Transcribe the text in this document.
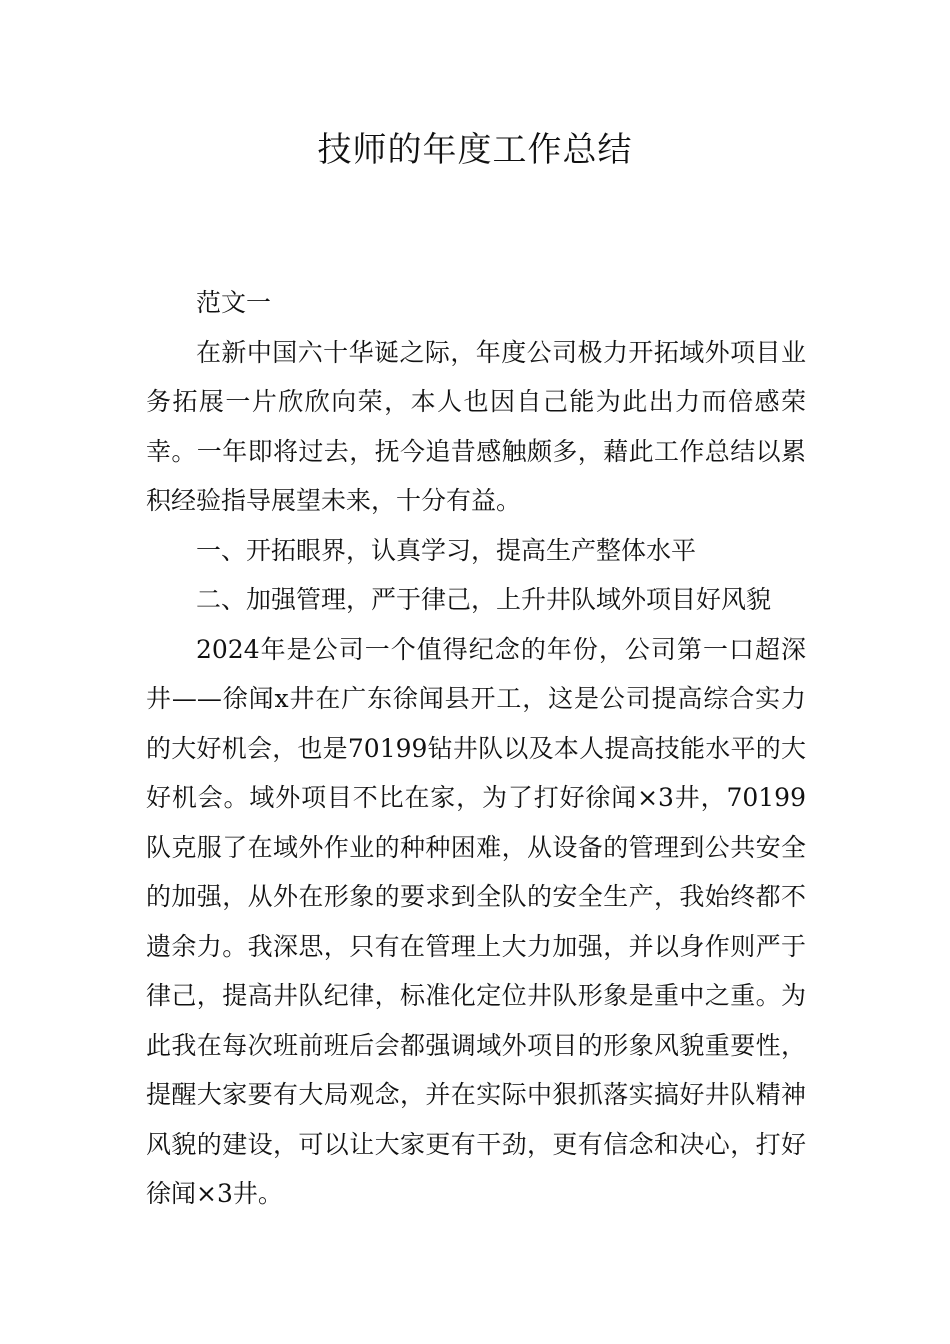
技师的年度工作总结

范文一

在新中国六十华诞之际，年度公司极力开拓域外项目业务拓展一片欣欣向荣，本人也因自己能为此出力而倍感荣幸。一年即将过去，抚今追昔感触颇多，藉此工作总结以累积经验指导展望未来，十分有益。

一、开拓眼界，认真学习，提高生产整体水平

二、加强管理，严于律己，上升井队域外项目好风貌

2024年是公司一个值得纪念的年份，公司第一口超深井——徐闻x井在广东徐闻县开工，这是公司提高综合实力的大好机会，也是70199钻井队以及本人提高技能水平的大好机会。域外项目不比在家，为了打好徐闻×3井，70199队克服了在域外作业的种种困难，从设备的管理到公共安全的加强，从外在形象的要求到全队的安全生产，我始终都不遗余力。我深思，只有在管理上大力加强，并以身作则严于律己，提高井队纪律，标准化定位井队形象是重中之重。为此我在每次班前班后会都强调域外项目的形象风貌重要性，提醒大家要有大局观念，并在实际中狠抓落实搞好井队精神风貌的建设，可以让大家更有干劲，更有信念和决心，打好徐闻×3井。
